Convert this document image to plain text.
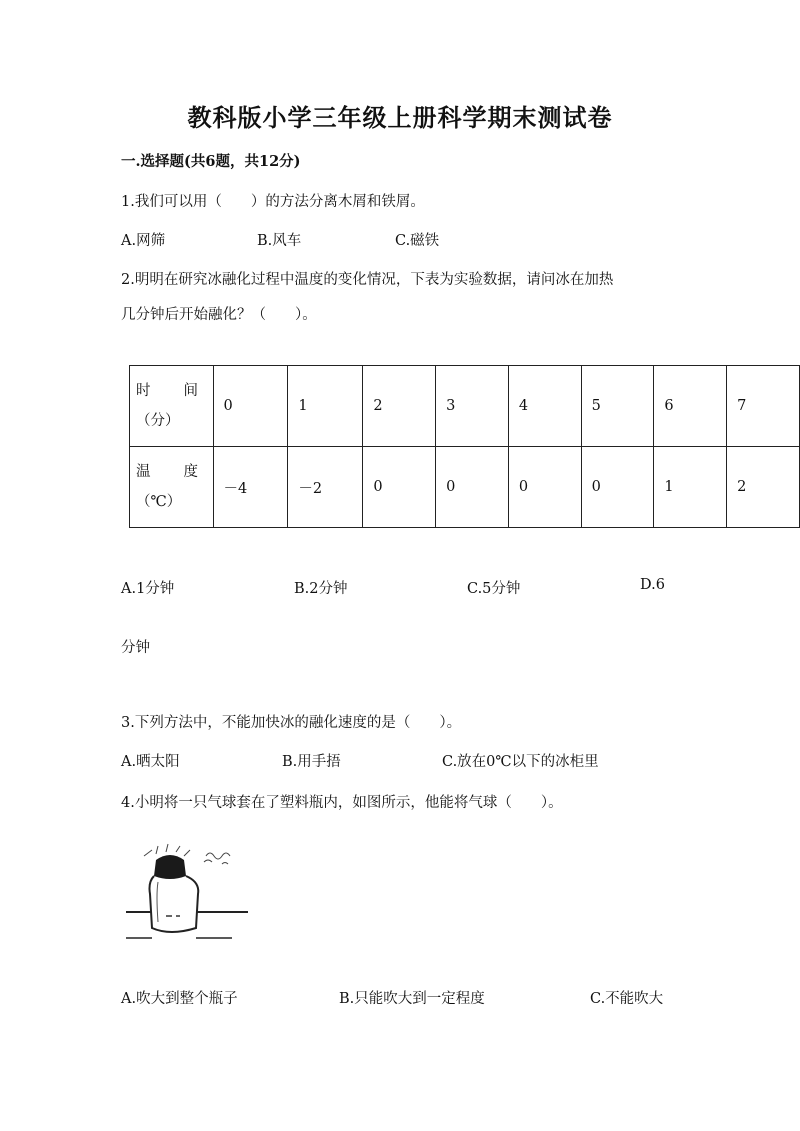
教科版小学三年级上册科学期末测试卷
一.选择题(共6题，共12分)
1.我们可以用（　　）的方法分离木屑和铁屑。
A.网筛	B.风车	C.磁铁
2.明明在研究冰融化过程中温度的变化情况，下表为实验数据，请问冰在加热
几分钟后开始融化？（　　）。
时 间
（分）	0	1	2	3	4	5	6	7

温 度
（℃）	－4	－2	0	0	0	0	1	2
A.1分钟	B.2分钟	C.5分钟	D.6
分钟
3.下列方法中，不能加快冰的融化速度的是（　　）。
A.晒太阳	B.用手捂	C.放在0℃以下的冰柜里
4.小明将一只气球套在了塑料瓶内，如图所示，他能将气球（　　）。
A.吹大到整个瓶子	B.只能吹大到一定程度	C.不能吹大
